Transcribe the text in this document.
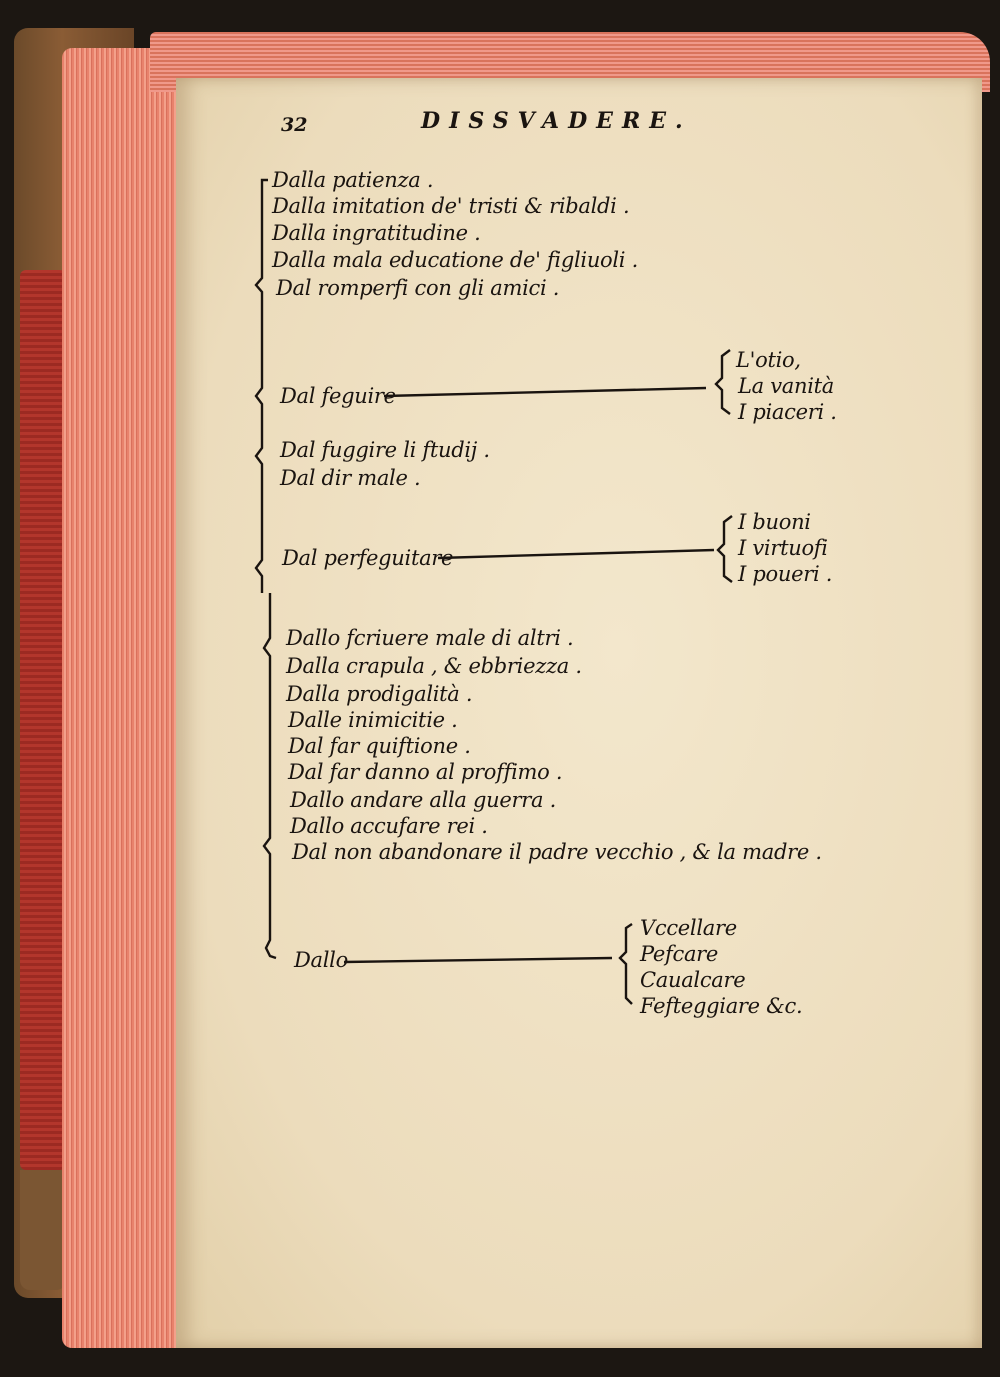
32	DISSVADERE.
Dalla patienza .
Dalla imitation de' tristi & ribaldi .
Dalla ingratitudine .
Dalla mala educatione de' figliuoli .
Dal romperfi con gli amici .
Dal feguire
L'otio,
La vanità
I piaceri .
Dal fuggire li ftudij .
Dal dir male .
Dal perfeguitare
I buoni
I virtuofi
I poueri .
Dallo fcriuere male di altri .
Dalla crapula , & ebbriezza .
Dalla prodigalità .
Dalle inimicitie .
Dal far quiftione .
Dal far danno al proffimo .
Dallo andare alla guerra .
Dallo accufare rei .
Dal non abandonare il padre vecchio , & la madre .
Dallo
Vccellare
Pefcare
Caualcare
Fefteggiare &c.
